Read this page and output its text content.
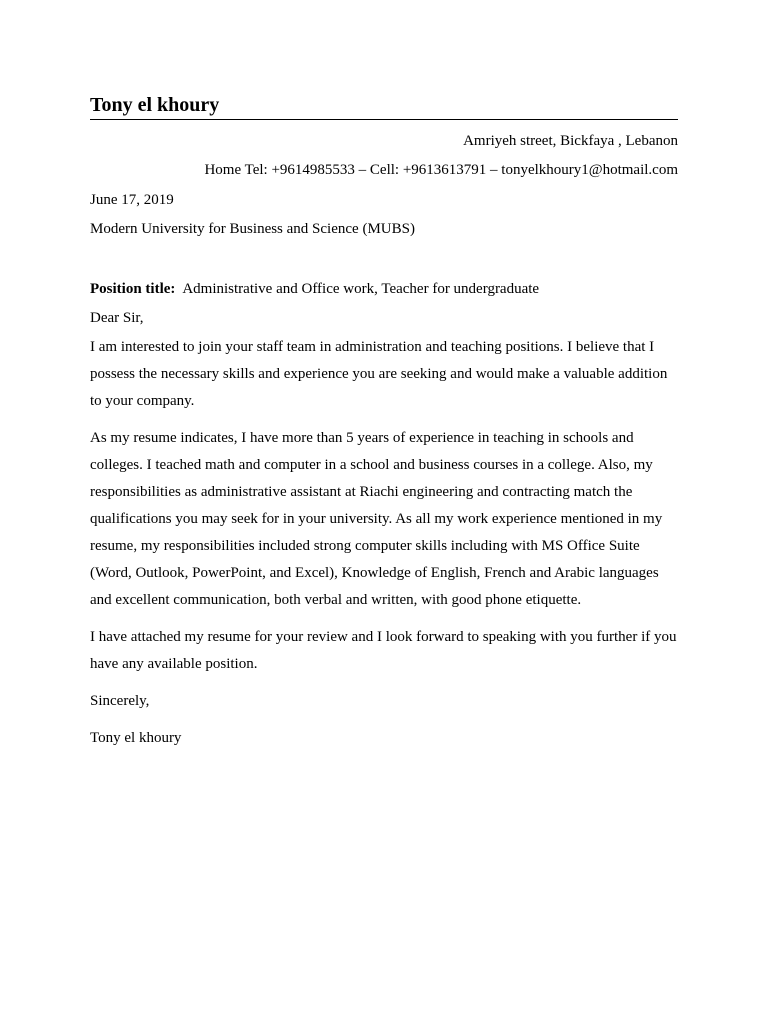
Tony el khoury
Amriyeh street, Bickfaya , Lebanon
Home Tel: +9614985533 – Cell: +9613613791 – tonyelkhoury1@hotmail.com
June 17, 2019
Modern University for Business and Science (MUBS)
Position title: Administrative and Office work, Teacher for undergraduate
Dear Sir,
I am interested to join your staff team in administration and teaching positions. I believe that I possess the necessary skills and experience you are seeking and would make a valuable addition to your company.
As my resume indicates, I have more than 5 years of experience in teaching in schools and colleges. I teached math and computer in a school and business courses in a college. Also, my responsibilities as administrative assistant at Riachi engineering and contracting match the qualifications you may seek for in your university. As all my work experience mentioned in my resume, my responsibilities included strong computer skills including with MS Office Suite (Word, Outlook, PowerPoint, and Excel), Knowledge of English, French and Arabic languages and excellent communication, both verbal and written, with good phone etiquette.
I have attached my resume for your review and I look forward to speaking with you further if you have any available position.
Sincerely,
Tony el khoury
